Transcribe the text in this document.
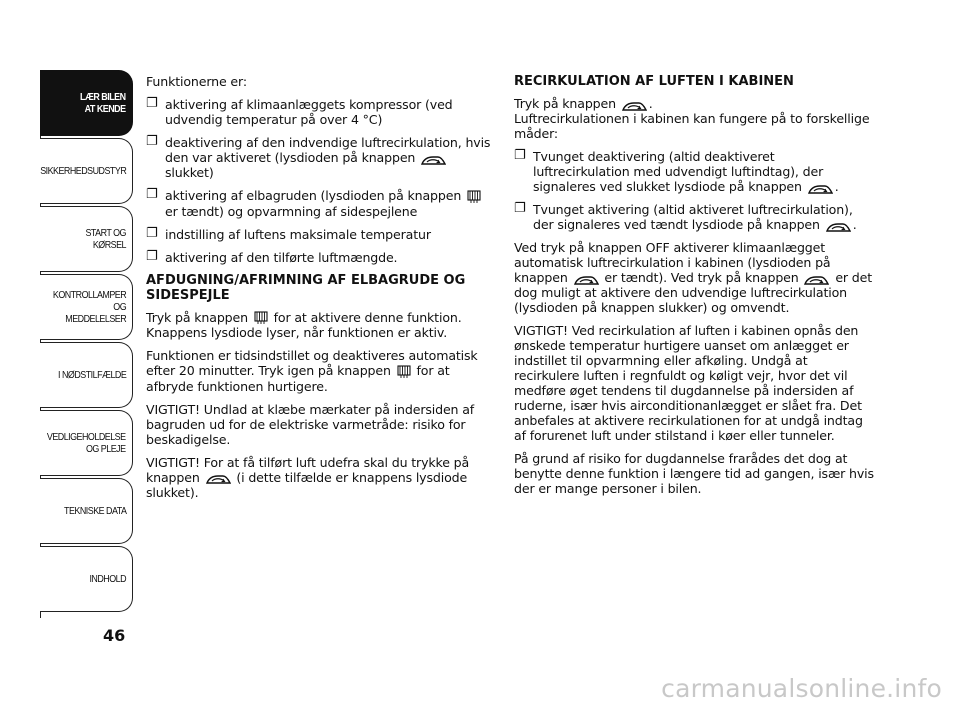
LÆR BILEN
AT KENDE
SIKKERHEDSUDSTYR
START OG KØRSEL
KONTROLLAMPER
OG MEDDELELSER
I NØDSTILFÆLDE
VEDLIGEHOLDELSE
OG PLEJE
TEKNISKE DATA
INDHOLD
46

Funktionerne er:

❐ aktivering af klimaanlæggets kompressor (ved udvendig temperatur på over 4 °C)
❐ deaktivering af den indvendige luftrecirkulation, hvis den var aktiveret (lysdioden på knappen  slukket)
❐ aktivering af elbagruden (lysdioden på knappen  er tændt) og opvarmning af sidespejlene
❐ indstilling af luftens maksimale temperatur
❐ aktivering af den tilførte luftmængde.
AFDUGNING/AFRIMNING AF ELBAGRUDE OG SIDESPEJLE

Tryk på knappen  for at aktivere denne funktion. Knappens lysdiode lyser, når funktionen er aktiv.

Funktionen er tidsindstillet og deaktiveres automatisk efter 20 minutter. Tryk igen på knappen  for at afbryde funktionen hurtigere.

VIGTIGT! Undlad at klæbe mærkater på indersiden af bagruden ud for de elektriske varmetråde: risiko for beskadigelse.

VIGTIGT! For at få tilført luft udefra skal du trykke på knappen  (i dette tilfælde er knappens lysdiode slukket).

RECIRKULATION AF LUFTEN I KABINEN

Tryk på knappen .

Luftrecirkulationen i kabinen kan fungere på to forskellige måder:

❐ Tvunget deaktivering (altid deaktiveret luftrecirkulation med udvendigt luftindtag), der signaleres ved slukket lysdiode på knappen .
❐ Tvunget aktivering (altid aktiveret luftrecirkulation), der signaleres ved tændt lysdiode på knappen .

Ved tryk på knappen OFF aktiverer klimaanlægget automatisk luftrecirkulation i kabinen (lysdioden på knappen  er tændt). Ved tryk på knappen  er det dog muligt at aktivere den udvendige luftrecirkulation (lysdioden på knappen slukker) og omvendt.

VIGTIGT! Ved recirkulation af luften i kabinen opnås den ønskede temperatur hurtigere uanset om anlægget er indstillet til opvarmning eller afkøling. Undgå at recirkulere luften i regnfuldt og køligt vejr, hvor det vil medføre øget tendens til dugdannelse på indersiden af ruderne, især hvis airconditionanlægget er slået fra. Det anbefales at aktivere recirkulationen for at undgå indtag af forurenet luft under stilstand i køer eller tunneler.

På grund af risiko for dugdannelse frarådes det dog at benytte denne funktion i længere tid ad gangen, især hvis der er mange personer i bilen.

carmanualsonline.info
